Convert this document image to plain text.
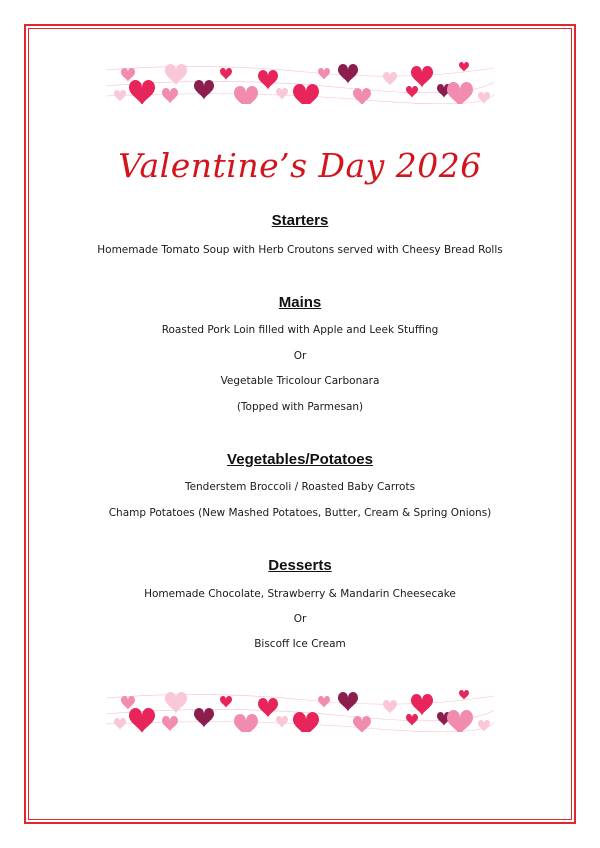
Valentine’s Day 2026
Starters
Homemade Tomato Soup with Herb Croutons served with Cheesy Bread Rolls
Mains
Roasted Pork Loin filled with Apple and Leek Stuffing
Or
Vegetable Tricolour Carbonara
(Topped with Parmesan)
Vegetables/Potatoes
Tenderstem Broccoli / Roasted Baby Carrots
Champ Potatoes (New Mashed Potatoes, Butter, Cream & Spring Onions)
Desserts
Homemade Chocolate, Strawberry & Mandarin Cheesecake
Or
Biscoff Ice Cream
